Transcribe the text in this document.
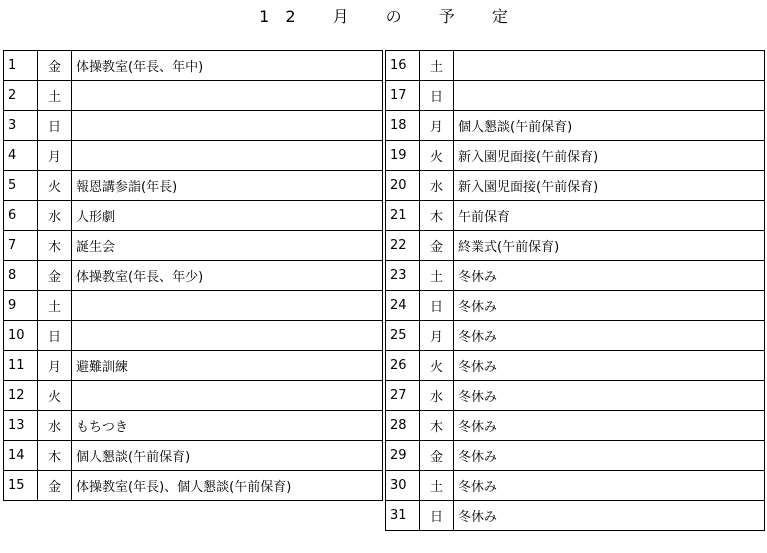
12 月 の 予 定
1	金	体操教室(年長、年中)
2	土	
3	日	
4	月	
5	火	報恩講参詣(年長)
6	水	人形劇
7	木	誕生会
8	金	体操教室(年長、年少)
9	土	
10	日	
11	月	避難訓練
12	火	
13	水	もちつき
14	木	個人懇談(午前保育)
15	金	体操教室(年長)、個人懇談(午前保育)
16	土	
17	日	
18	月	個人懇談(午前保育)
19	火	新入園児面接(午前保育)
20	水	新入園児面接(午前保育)
21	木	午前保育
22	金	終業式(午前保育)
23	土	冬休み
24	日	冬休み
25	月	冬休み
26	火	冬休み
27	水	冬休み
28	木	冬休み
29	金	冬休み
30	土	冬休み
31	日	冬休み
